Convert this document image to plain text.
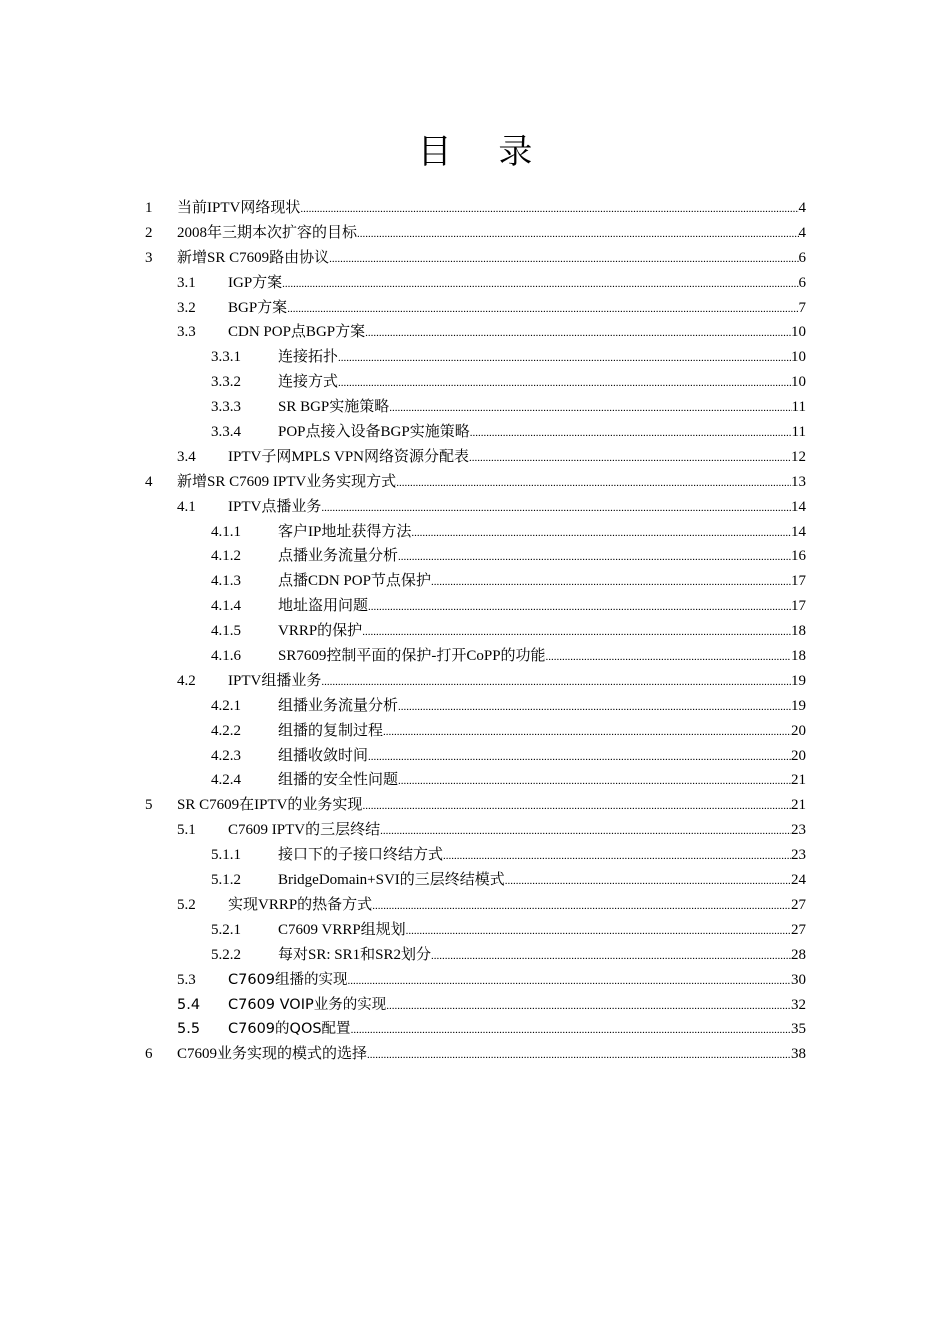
目 录
1 当前IPTV网络现状 .....	4
2 2008年三期本次扩容的目标 .....	4
3 新增SR C7609路由协议 .....	6
3.1 IGP方案 .....	6
3.2 BGP方案 .....	7
3.3 CDN POP点BGP方案 .....	10
3.3.1 连接拓扑 .....	10
3.3.2 连接方式 .....	10
3.3.3 SR BGP实施策略 .....	11
3.3.4 POP点接入设备BGP实施策略 .....	11
3.4 IPTV子网MPLS VPN网络资源分配表 .....	12
4 新增SR C7609 IPTV业务实现方式 .....	13
4.1 IPTV点播业务 .....	14
4.1.1 客户IP地址获得方法 .....	14
4.1.2 点播业务流量分析 .....	16
4.1.3 点播CDN POP节点保护 .....	17
4.1.4 地址盗用问题 .....	17
4.1.5 VRRP的保护 .....	18
4.1.6 SR7609控制平面的保护-打开CoPP的功能 .....	18
4.2 IPTV组播业务 .....	19
4.2.1 组播业务流量分析 .....	19
4.2.2 组播的复制过程 .....	20
4.2.3 组播收敛时间 .....	20
4.2.4 组播的安全性问题 .....	21
5 SR C7609在IPTV的业务实现 .....	21
5.1 C7609 IPTV的三层终结 .....	23
5.1.1 接口下的子接口终结方式 .....	23
5.1.2 BridgeDomain+SVI的三层终结模式 .....	24
5.2 实现VRRP的热备方式 .....	27
5.2.1 C7609 VRRP组规划 .....	27
5.2.2 每对SR: SR1和SR2划分 .....	28
5.3 C7609组播的实现 .....	30
5.4 C7609 VOIP业务的实现 .....	32
5.5 C7609的QOS配置 .....	35
6 C7609业务实现的模式的选择 .....	38
